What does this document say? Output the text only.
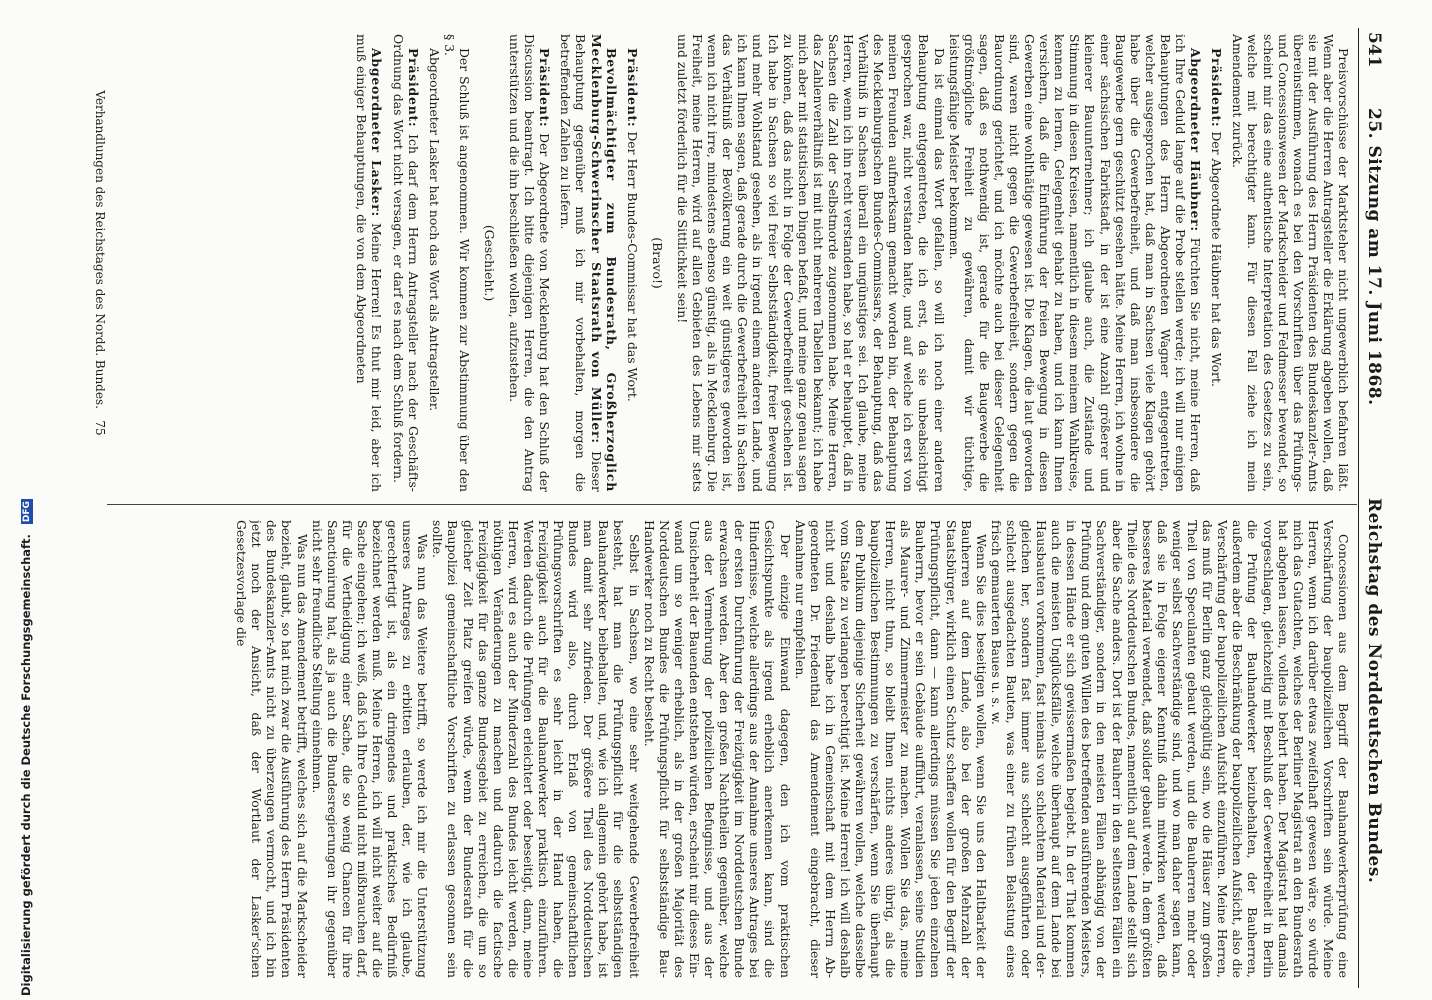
541
25. Sitzung am 17. Juni 1868.
Reichstag des Norddeutschen Bundes.

Preisvorschüsse der Marktsteher nicht ungewerblich befahren läßt. Wenn aber die Herren Antragsteller die Erklärung abgeben wollen, daß sie mit der Ausführung des Herrn Präsidenten des Bundeskanzler-Amts übereinstimmen, wonach es bei den Vorschriften über das Prüfungs- und Concessionswesen der Markscheider und Feldmesser bewendet, so scheint mir das eine authentische Interpretation des Gesetzes zu sein, welche mit berechtigter kann. Für diesen Fall ziehe ich mein Amendement zurück.

Präsident: Der Abgeordnete Häubner hat das Wort.

Abgeordneter Häubner: Fürchten Sie nicht, meine Herren, daß ich Ihre Geduld lange auf die Probe stellen werde; ich will nur einigen Behauptungen des Herrn Abgeordneten Wagner entgegentreten, welcher ausgesprochen hat, daß man in Sachsen viele Klagen gehört habe über die Gewerbefreiheit, und daß man insbesondere die Baugewerbe gern geschützt gesehen hätte. Meine Herren, ich wohne in einer sächsischen Fabrikstadt, in der ist eine Anzahl größerer und kleinerer Bauunternehmer; ich glaube auch, die Zustände und Stimmung in diesen Kreisen, namentlich in diesem meinem Wahlkreise, kennen zu lernen, Gelegenheit gehabt zu haben, und ich kann Ihnen versichern, daß die Einführung der freien Bewegung in diesen Gewerben eine wohlthätige gewesen ist. Die Klagen, die laut geworden sind, waren nicht gegen die Gewerbefreiheit, sondern gegen die Bauordnung gerichtet, und ich möchte auch bei dieser Gelegenheit sagen, daß es nothwendig ist, gerade für die Baugewerbe die größtmögliche Freiheit zu gewähren, damit wir tüchtige, leistungsfähige Meister bekommen.

Da ist einmal das Wort gefallen, so will ich noch einer anderen Behauptung entgegentreten, die ich erst, da sie unbeabsichtigt gesprochen war, nicht verstanden hatte, und auf welche ich erst von meinen Freunden aufmerksam gemacht worden bin, der Behauptung des Mecklenburgischen Bundes-Commissars, der Behauptung, daß das Verhältniß in Sachsen überall ein ungünstiges sei. Ich glaube, meine Herren, wenn ich ihn recht verstanden habe, so hat er behauptet, daß in Sachsen die Zahl der Selbstmorde zugenommen habe. Meine Herren, das Zahlenverhältniß ist mit nicht mehreren Tabellen bekannt; ich habe mich aber mit statistischen Dingen befaßt, und meine ganz genau sagen zu können, daß das nicht in Folge der Gewerbefreiheit geschehen ist. Ich habe in Sachsen so viel freier Selbstständigkeit, freier Bewegung und mehr Wohlstand gesehen, als in irgend einem anderen Lande, und ich kann Ihnen sagen, daß gerade durch die Gewerbefreiheit in Sachsen das Verhältniß der Bevölkerung ein weit günstigeres geworden ist, wenn ich nicht irre, mindestens ebenso günstig, als in Mecklenburg. Die Freiheit, meine Herren, wird auf allen Gebieten des Lebens mir stets und zuletzt förderlich für die Sittlichkeit sein!

(Bravo!)

Präsident: Der Herr Bundes-Commissar hat das Wort.

Bevollmächtigter zum Bundesrath, Großherzoglich Mecklenburg-Schwerinscher Staatsrath von Müller: Dieser Behauptung gegenüber muß ich mir vorbehalten, morgen die betreffenden Zahlen zu liefern.

Präsident: Der Abgeordnete von Mecklenburg hat den Schluß der Discussion beantragt. Ich bitte diejenigen Herren, die den Antrag unterstützen und die ihn beschließen wollen, aufzustehen.

(Geschieht.)

Der Schluß ist angenommen. Wir kommen zur Abstimmung über den § 3.

Abgeordneter Lasker hat noch das Wort als Antragsteller.

Präsident: Ich darf dem Herrn Antragsteller nach der Geschäfts-Ordnung das Wort nicht versagen, er darf es nach dem Schluß fordern.

Abgeordneter Lasker: Meine Herren! Es thut mir leid, aber ich muß einiger Behauptungen, die von dem Abgeordneten

Concessionen aus dem Begriff der Bauhandwerkerprüfung eine Verschärfung der baupolizeilichen Vorschriften sein würde. Meine Herren, wenn ich darüber etwas zweifelhaft gewesen wäre, so würde mich das Gutachten, welches der Berliner Magistrat an den Bundesrath hat abgehen lassen, vollends belehrt haben. Der Magistrat hat damals vorgeschlagen, gleichzeitig mit Beschluß der Gewerbefreiheit in Berlin die Prüfung der Bauhandwerker beizubehalten, der Bauherren, außerdem aber die Beschränkung der baupolizeilichen Aufsicht, also die Verschärfung der baupolizeilichen Aufsicht einzuführen. Meine Herren, das muß für Berlin ganz gleichgültig sein, wo die Häuser zum großen Theil von Speculanten gebaut werden, und die Bauherren mehr oder weniger selbst Sachverständige sind, und wo man daher sagen kann, daß sie in Folge eigener Kenntniß dahin mitwirken werden, daß besseres Material verwendet, daß solider gebaut werde. In dem größten Theile des Norddeutschen Bundes, namentlich auf dem Lande stellt sich aber die Sache anders. Dort ist der Bauherr in den seltensten Fällen ein Sachverständiger, sondern in den meisten Fällen abhängig von der Prüfung und dem guten Willen des betreffenden ausführenden Meisters, in dessen Hände er sich gewissermaßen begiebt. In der That kommen auch die meisten Unglücksfälle, welche überhaupt auf dem Lande bei Hausbauten vorkommen, fast niemals von schlechtem Material und dergleichen her, sondern fast immer aus schlecht ausgeführten oder schlecht ausgedachten Bauten, was einer zu frühen Belastung eines frisch gemauerten Baues u. s. w.

Wenn Sie dies beseitigen wollen, wenn Sie uns den Haltbarkeit der Bauherren auf dem Lande, also bei der großen Mehrzahl der Staatsbürger, wirklich einen Schutz schaffen wollen für den Begriff der Prüfungspflicht, dann — kann allerdings müssen Sie jeden einzelnen Bauherrn, bevor er sein Gebäude aufführt, veranlassen, seine Studien als Maurer- und Zimmermeister zu machen. Wollen Sie das, meine Herren, nicht thun, so bleibt Ihnen nichts anderes übrig, als die baupolizeilichen Bestimmungen zu verschärfen, wenn Sie überhaupt dem Publikum diejenige Sicherheit gewähren wollen, welche dasselbe vom Staate zu verlangen berechtigt ist. Meine Herren! ich will deshalb nicht und deshalb habe ich in Gemeinschaft mit dem Herrn Abgeordneten Dr. Friedenthal das Amendement eingebracht, dieser Annahme nur empfehlen.

Der einzige Einwand dagegen, den ich vom praktischen Gesichtspunkte als irgend erheblich anerkennen kann, sind die Hindernisse, welche allerdings aus der Annahme unseres Antrages bei der ersten Durchführung der Freizügigkeit im Norddeutschen Bunde erwachsen werden. Aber den großen Nachtheilen gegenüber, welche aus der Vermehrung der polizeilichen Befugnisse, und aus der Unsicherheit der Bauenden entstehen würden, erscheint mir dieses Einwand um so weniger erheblich, als in der großen Majorität des Norddeutschen Bundes die Prüfungspflicht für selbstständige Bau-Handwerker noch zu Recht besteht.

Selbst in Sachsen, wo eine sehr weitgehende Gewerbefreiheit besteht, hat man die Prüfungspflicht für die selbstständigen Bauhandwerker beibehalten, und, wie ich allgemein gehört habe, ist man damit sehr zufrieden. Der größere Theil des Norddeutschen Bundes wird also, durch Erlaß von gemeinschaftlichen Prüfungsvorschriften es sehr leicht in der Hand haben, die Freizügigkeit auch für die Bauhandwerker praktisch einzuführen. Werden dadurch die Prüfungen erleichtert oder beseitigt, dann, meine Herren, wird es auch der Minderzahl des Bundes leicht werden, die nöthigen Veränderungen zu machen und dadurch die factische Freizügigkeit für das ganze Bundesgebiet zu erreichen, die um so gleicher Zeit Platz greifen würde, wenn der Bundesrath für die Baupolizei gemeinschaftliche Vorschriften zu erlassen gesonnen sein sollte.

Was nun das Weitere betrifft, so werde ich mir die Unterstützung unseres Antrages zu erbitten erlauben, der, wie ich glaube, gerechtfertigt ist, als ein dringendes und praktisches Bedürfniß bezeichnet werden muß. Meine Herren, ich will nicht weiter auf die Sache eingehen; ich weiß, daß ich Ihre Geduld nicht mißbrauchen darf, für die Vertheidigung einer Sache, die so wenig Chancen für ihre Sanctionirung hat, als ja auch die Bundesregierungen ihr gegenüber nicht sehr freundliche Stellung einnehmen.

Was nun das Amendement betrifft, welches sich auf die Markscheider bezieht, glaubt, so hat mich zwar die Ausführung des Herrn Präsidenten des Bundeskanzler-Amts nicht zu überzeugen vermocht, und ich bin jetzt noch der Ansicht, daß der Wortlaut der Lasker'schen Gesetzesvorlage die

Verhandlungen des Reichstages des Nordd. Bundes.   75
Digitalisierung gefördert durch die Deutsche Forschungsgemeinschaft. DFG
